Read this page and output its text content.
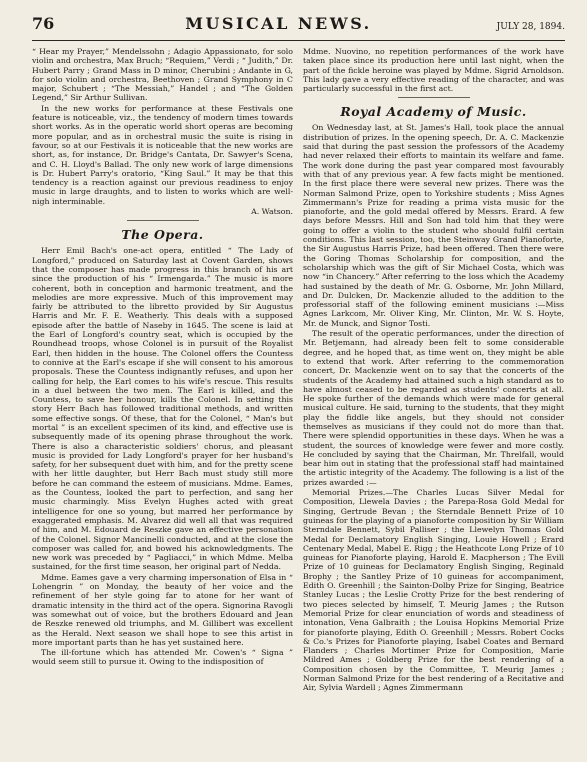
76	MUSICAL NEWS.	JULY 28, 1894.

“ Hear my Prayer,” Mendelssohn ; Adagio Appassionato, for solo violin and orchestra, Max Bruch; “Requiem,” Verdi ; “ Judith,” Dr. Hubert Parry ; Grand Mass in D minor, Cherubini ; Andante in G, for solo violin and orchestra, Beethoven ; Grand Symphony in C major, Schubert ; “The Messiah,” Handel ; and “The Golden Legend,” Sir Arthur Sullivan.

In the new works for performance at these Festivals one feature is noticeable, viz., the tendency of modern times towards short works. As in the operatic world short operas are becoming more popular, and as in orchestral music the suite is rising in favour, so at our Festivals it is noticeable that the new works are short, as, for instance, Dr. Bridge's Cantata, Dr. Sawyer's Scena, and C. H. Lloyd's Ballad. The only new work of large dimensions is Dr. Hubert Parry's oratorio, “King Saul.” It may be that this tendency is a reaction against our previous readiness to enjoy music in large draughts, and to listen to works which are well-nigh interminable.

A. Watson.

The Opera.

Herr Emil Bach's one-act opera, entitled “ The Lady of Longford,” produced on Saturday last at Covent Garden, shows that the composer has made progress in this branch of his art since the production of his “ Irmengarda.” The music is more coherent, both in conception and harmonic treatment, and the melodies are more expressive. Much of this improvement may fairly be attributed to the libretto provided by Sir Augustus Harris and Mr. F. E. Weatherly. This deals with a supposed episode after the battle of Naseby in 1645. The scene is laid at the Earl of Longford's country seat, which is occupied by the Roundhead troops, whose Colonel is in pursuit of the Royalist Earl, then hidden in the house. The Colonel offers the Countess to connive at the Earl's escape if she will consent to his amorous proposals. These the Countess indignantly refuses, and upon her calling for help, the Earl comes to his wife's rescue. This results in a duel between the two men. The Earl is killed, and the Countess, to save her honour, kills the Colonel. In setting this story Herr Bach has followed traditional methods, and written some effective songs. Of these, that for the Colonel, “ Man's but mortal ” is an excellent specimen of its kind, and effective use is subsequently made of its opening phrase throughout the work. There is also a characteristic soldiers' chorus, and pleasant music is provided for Lady Longford's prayer for her husband's safety, for her subsequent duet with him, and for the pretty scene with her little daughter, but Herr Bach must study still more before he can command the esteem of musicians. Mdme. Eames, as the Countess, looked the part to perfection, and sang her music charmingly. Miss Evelyn Hughes acted with great intelligence for one so young, but marred her performance by exaggerated emphasis. M. Alvarez did well all that was required of him, and M. Edouard de Reszke gave an effective personation of the Colonel. Signor Mancinelli conducted, and at the close the composer was called for, and bowed his acknowledgments. The new work was preceded by “ Pagliacci,” in which Mdme. Melba sustained, for the first time season, her original part of Nedda.

Mdme. Eames gave a very charming impersonation of Elsa in “ Lohengrin ” on Monday, the beauty of her voice and the refinement of her style going far to atone for her want of dramatic intensity in the third act of the opera. Signorina Ravogli was somewhat out of voice, but the brothers Edouard and Jean de Reszke renewed old triumphs, and M. Gillibert was excellent as the Herald. Next season we shall hope to see this artist in more important parts than he has yet sustained here.

The ill-fortune which has attended Mr. Cowen's “ Signa ” would seem still to pursue it. Owing to the indisposition of

Mdme. Nuovino, no repetition performances of the work have taken place since its production here until last night, when the part of the fickle heroine was played by Mdme. Sigrid Arnoldson. This lady gave a very effective reading of the character, and was particularly successful in the first act.

Royal Academy of Music.

On Wednesday last, at St. James's Hall, took place the annual distribution of prizes. In the opening speech, Dr. A. C. Mackenzie said that during the past session the professors of the Academy had never relaxed their efforts to maintain its welfare and fame. The work done during the past year compared most favourably with that of any previous year. A few facts might be mentioned. In the first place there were several new prizes. There was the Norman Salmond Prize, open to Yorkshire students ; Miss Agnes Zimmermann's Prize for reading a prima vista music for the pianoforte, and the gold medal offered by Messrs. Erard. A few days before Messrs. Hill and Son had told him that they were going to offer a violin to the student who should fulfil certain conditions. This last session, too, the Steinway Grand Pianoforte, the Sir Augustus Harris Prize, had been offered. Then there were the Goring Thomas Scholarship for composition, and the scholarship which was the gift of Sir Michael Costa, which was now “in Chancery.” After referring to the loss which the Academy had sustained by the death of Mr. G. Osborne, Mr. John Millard, and Dr. Dulcken, Dr. Mackenzie alluded to the addition to the professorial staff of the following eminent musicians :—Miss Agnes Larkcom, Mr. Oliver King, Mr. Clinton, Mr. W. S. Hoyte, Mr. de Munck, and Signor Tosti.

The result of the operatic performances, under the direction of Mr. Betjemann, had already been felt to some considerable degree, and he hoped that, as time went on, they might be able to extend that work. After referring to the commemoration concert, Dr. Mackenzie went on to say that the concerts of the students of the Academy had attained such a high standard as to have almost ceased to be regarded as students' concerts at all. He spoke further of the demands which were made for general musical culture. He said, turning to the students, that they might play the fiddle like angels, but they should not consider themselves as musicians if they could not do more than that. There were splendid opportunities in these days. When he was a student, the sources of knowledge were fewer and more costly. He concluded by saying that the Chairman, Mr. Threlfall, would bear him out in stating that the professional staff had maintained the artistic integrity of the Academy. The following is a list of the prizes awarded :—

Memorial Prizes.—The Charles Lucas Silver Medal for Composition, Llewela Davies ; the Parepa-Rosa Gold Medal for Singing, Gertrude Bevan ; the Sterndale Bennett Prize of 10 guineas for the playing of a pianoforte composition by Sir William Sterndale Bennett, Sybil Palliser ; the Llewelyn Thomas Gold Medal for Declamatory English Singing, Louie Howell ; Erard Centenary Medal, Mabel E. Rigg ; the Heathcote Long Prize of 10 guineas for Pianoforte playing, Harold E. Macpherson ; The Evill Prize of 10 guineas for Declamatory English Singing, Reginald Brophy ; the Santley Prize of 10 guineas for accompaniment, Edith O. Greenhill ; the Sainton-Dolby Prize for Singing, Beatrice Stanley Lucas ; the Leslie Crotty Prize for the best rendering of two pieces selected by himself, T. Meurig James ; the Rutson Memorial Prize for clear enunciation of words and steadiness of intonation, Vena Galbraith ; the Louisa Hopkins Memorial Prize for pianoforte playing, Edith O. Greenhill ; Messrs. Robert Cocks & Co.'s Prizes for Pianoforte playing, Isabel Coates and Bernard Flanders ; Charles Mortimer Prize for Composition, Marie Mildred Ames ; Goldberg Prize for the best rendering of a Composition chosen by the Committee, T. Meurig James ; Norman Salmond Prize for the best rendering of a Recitative and Air, Sylvia Wardell ; Agnes Zimmermann
